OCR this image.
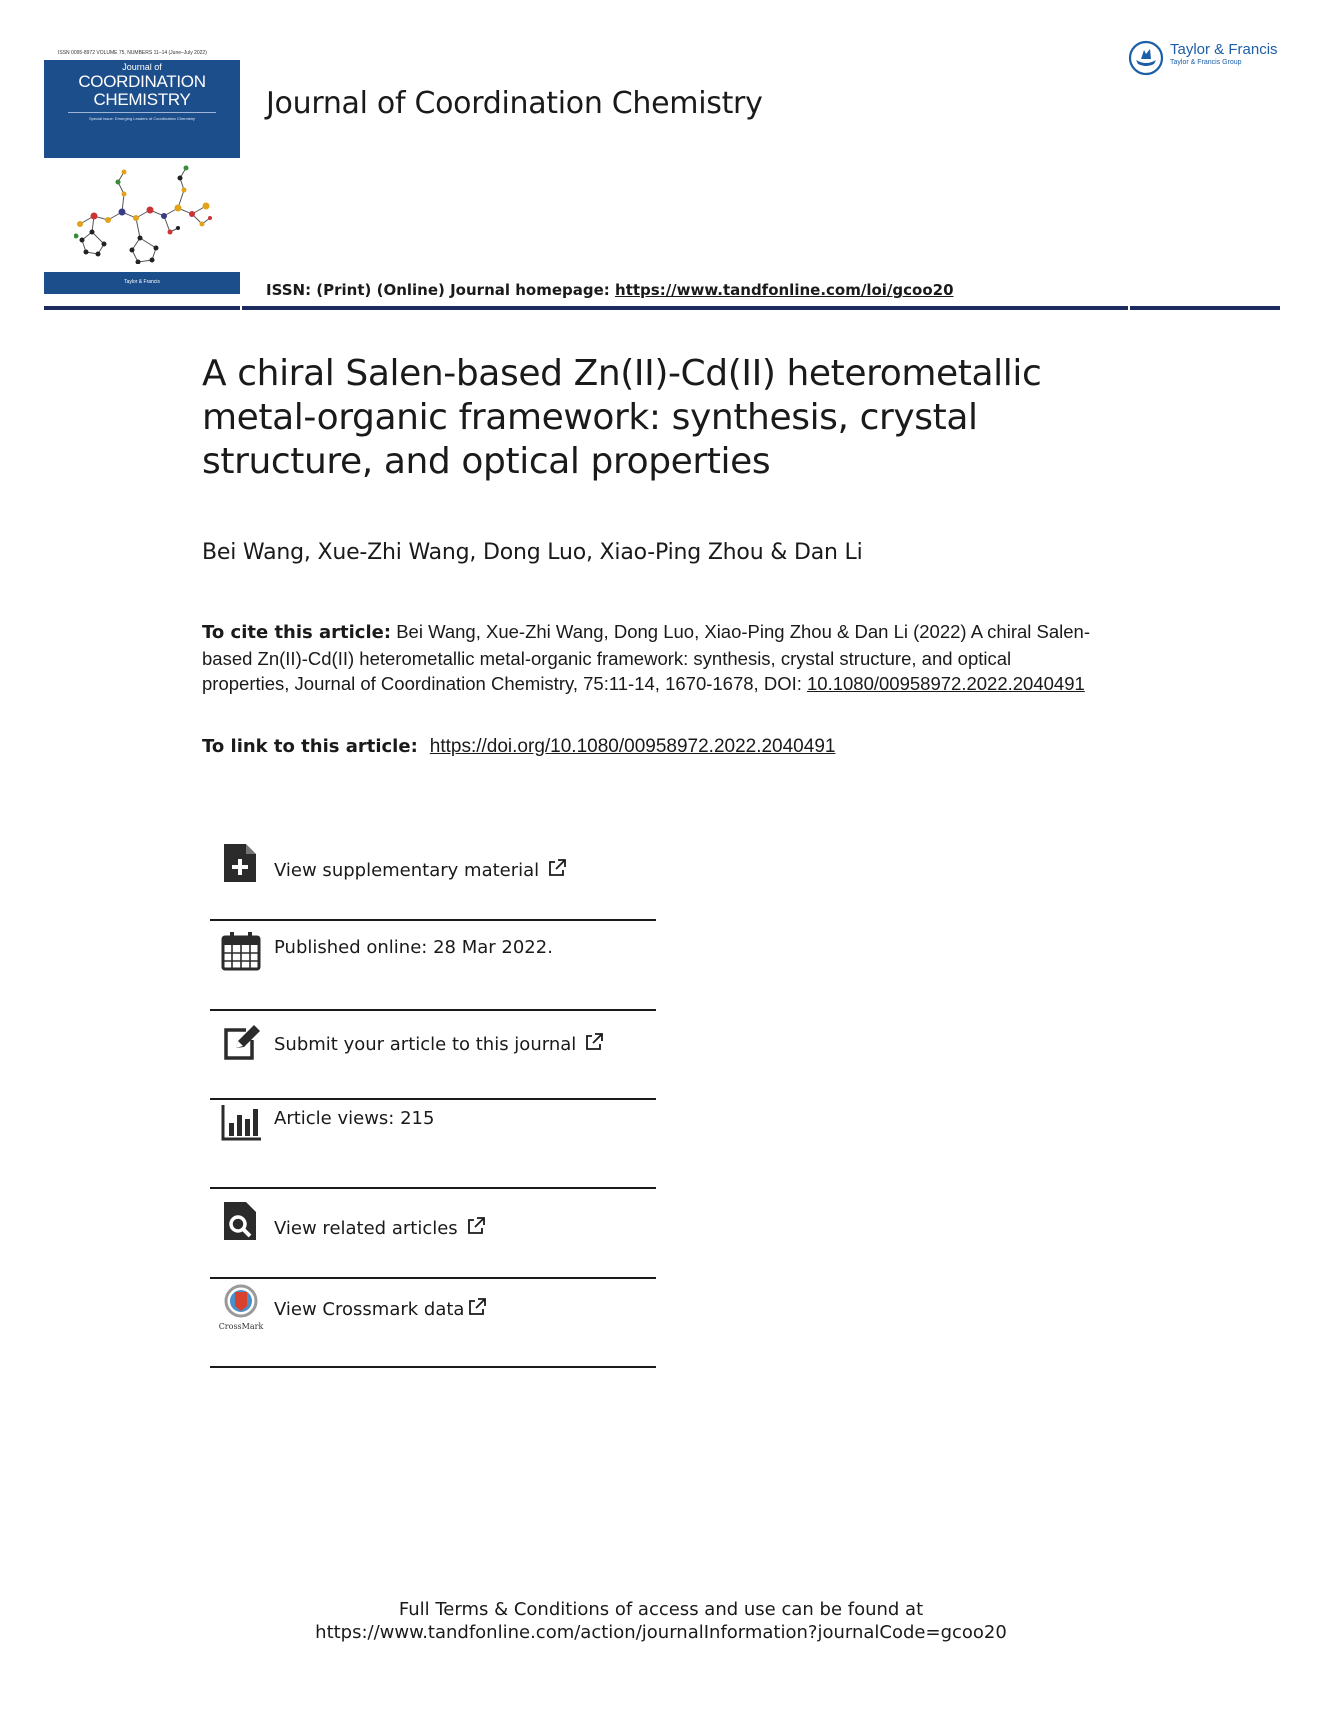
ISSN 0095-8972 VOLUME 75, NUMBERS 11–14 (June–July 2022)
Journal of
COORDINATION
CHEMISTRY
Special Issue: Emerging Leaders of Coordination Chemistry
Taylor & Francis
Journal of Coordination Chemistry
Taylor & Francis
Taylor & Francis Group
ISSN: (Print) (Online) Journal homepage: https://www.tandfonline.com/loi/gcoo20
A chiral Salen-based Zn(II)-Cd(II) heterometallic metal-organic framework: synthesis, crystal structure, and optical properties
Bei Wang, Xue-Zhi Wang, Dong Luo, Xiao-Ping Zhou & Dan Li
To cite this article: Bei Wang, Xue-Zhi Wang, Dong Luo, Xiao-Ping Zhou & Dan Li (2022) A chiral Salen-based Zn(II)-Cd(II) heterometallic metal-organic framework: synthesis, crystal structure, and optical properties, Journal of Coordination Chemistry, 75:11-14, 1670-1678, DOI: 10.1080/00958972.2022.2040491
To link to this article: https://doi.org/10.1080/00958972.2022.2040491
View supplementary material
Published online: 28 Mar 2022.
Submit your article to this journal
Article views: 215
View related articles
CrossMark
View Crossmark data
Full Terms & Conditions of access and use can be found at
https://www.tandfonline.com/action/journalInformation?journalCode=gcoo20
